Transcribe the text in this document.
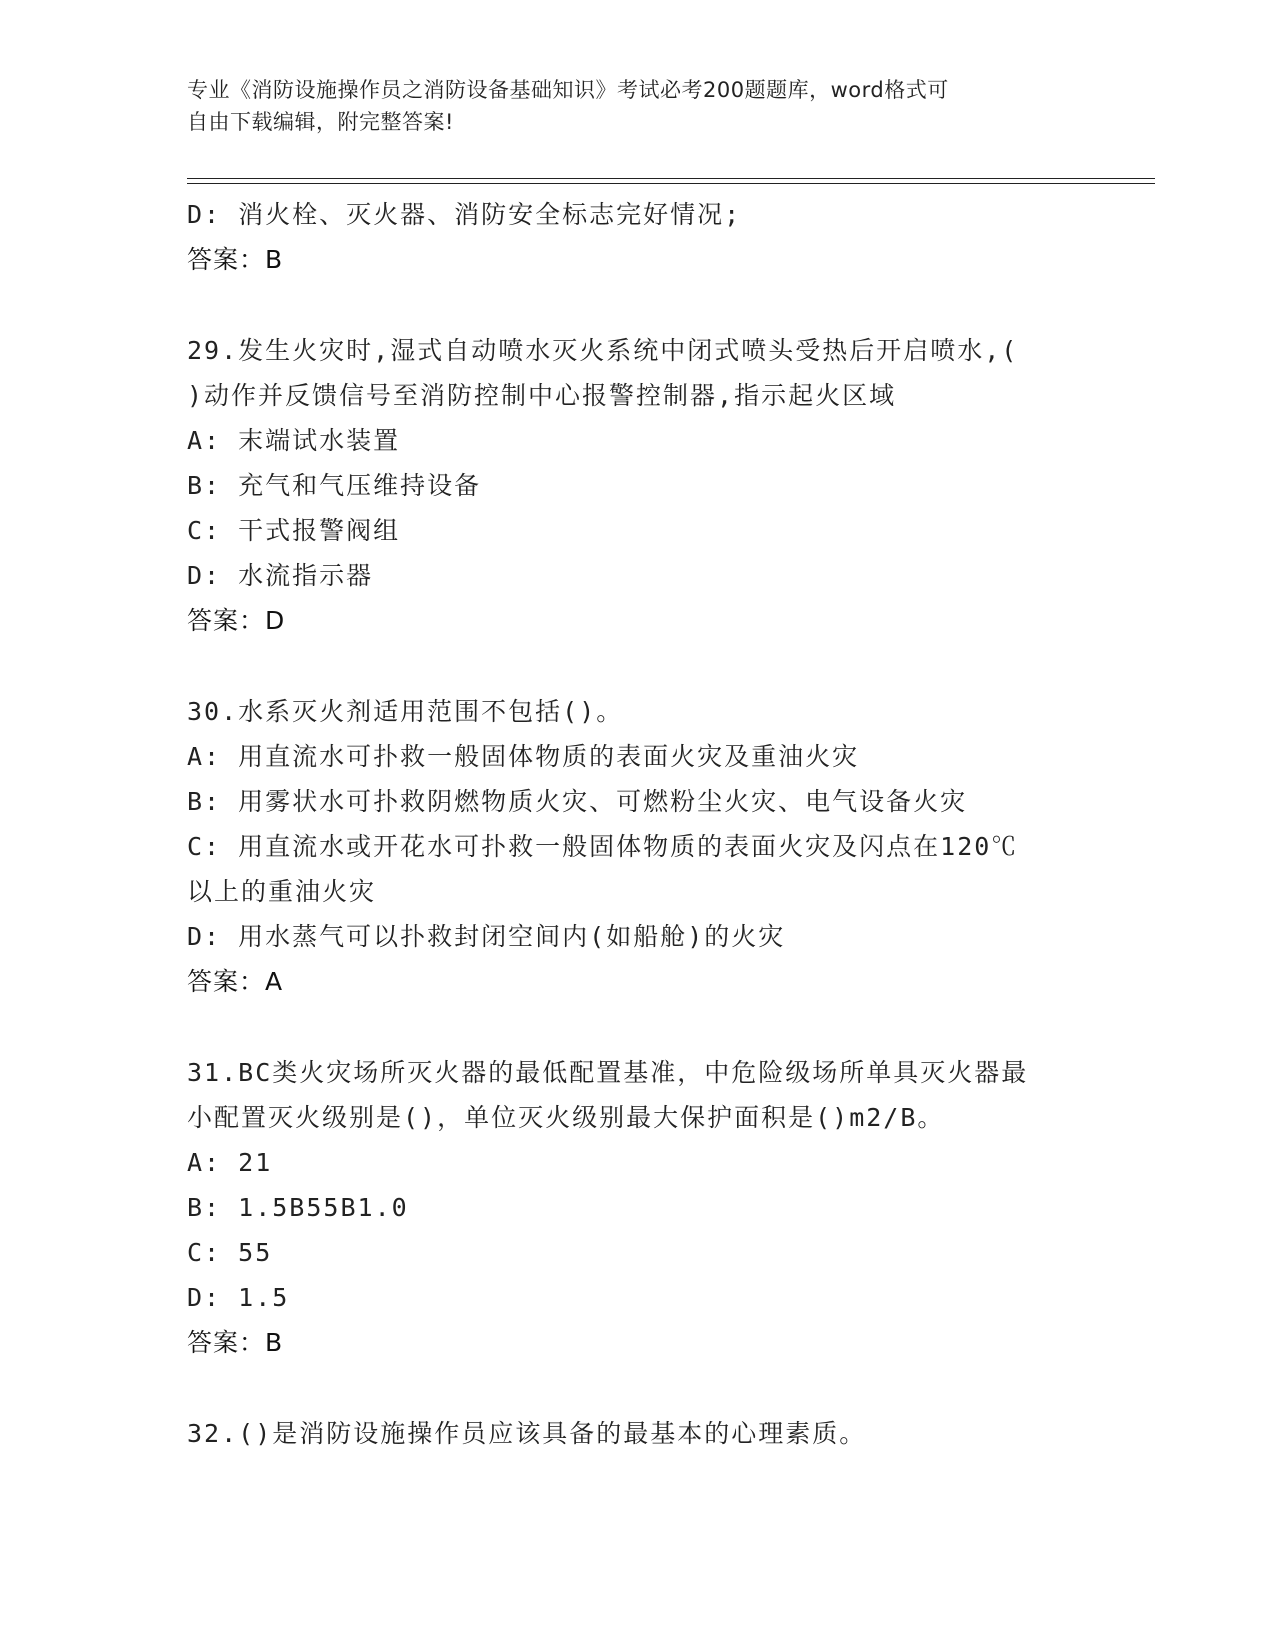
专业《消防设施操作员之消防设备基础知识》考试必考200题题库，word格式可
自由下载编辑，附完整答案!
D: 消火栓、灭火器、消防安全标志完好情况;
答案：B
29.发生火灾时,湿式自动喷水灭火系统中闭式喷头受热后开启喷水,(
)动作并反馈信号至消防控制中心报警控制器,指示起火区域
A: 末端试水装置
B: 充气和气压维持设备
C: 干式报警阀组
D: 水流指示器
答案：D
30.水系灭火剂适用范围不包括()。
A: 用直流水可扑救一般固体物质的表面火灾及重油火灾
B: 用雾状水可扑救阴燃物质火灾、可燃粉尘火灾、电气设备火灾
C: 用直流水或开花水可扑救一般固体物质的表面火灾及闪点在120℃
以上的重油火灾
D: 用水蒸气可以扑救封闭空间内(如船舱)的火灾
答案：A
31.BC类火灾场所灭火器的最低配置基准，中危险级场所单具灭火器最
小配置灭火级别是()，单位灭火级别最大保护面积是()m2/B。
A: 21
B: 1.5B55B1.0
C: 55
D: 1.5
答案：B
32.()是消防设施操作员应该具备的最基本的心理素质。
